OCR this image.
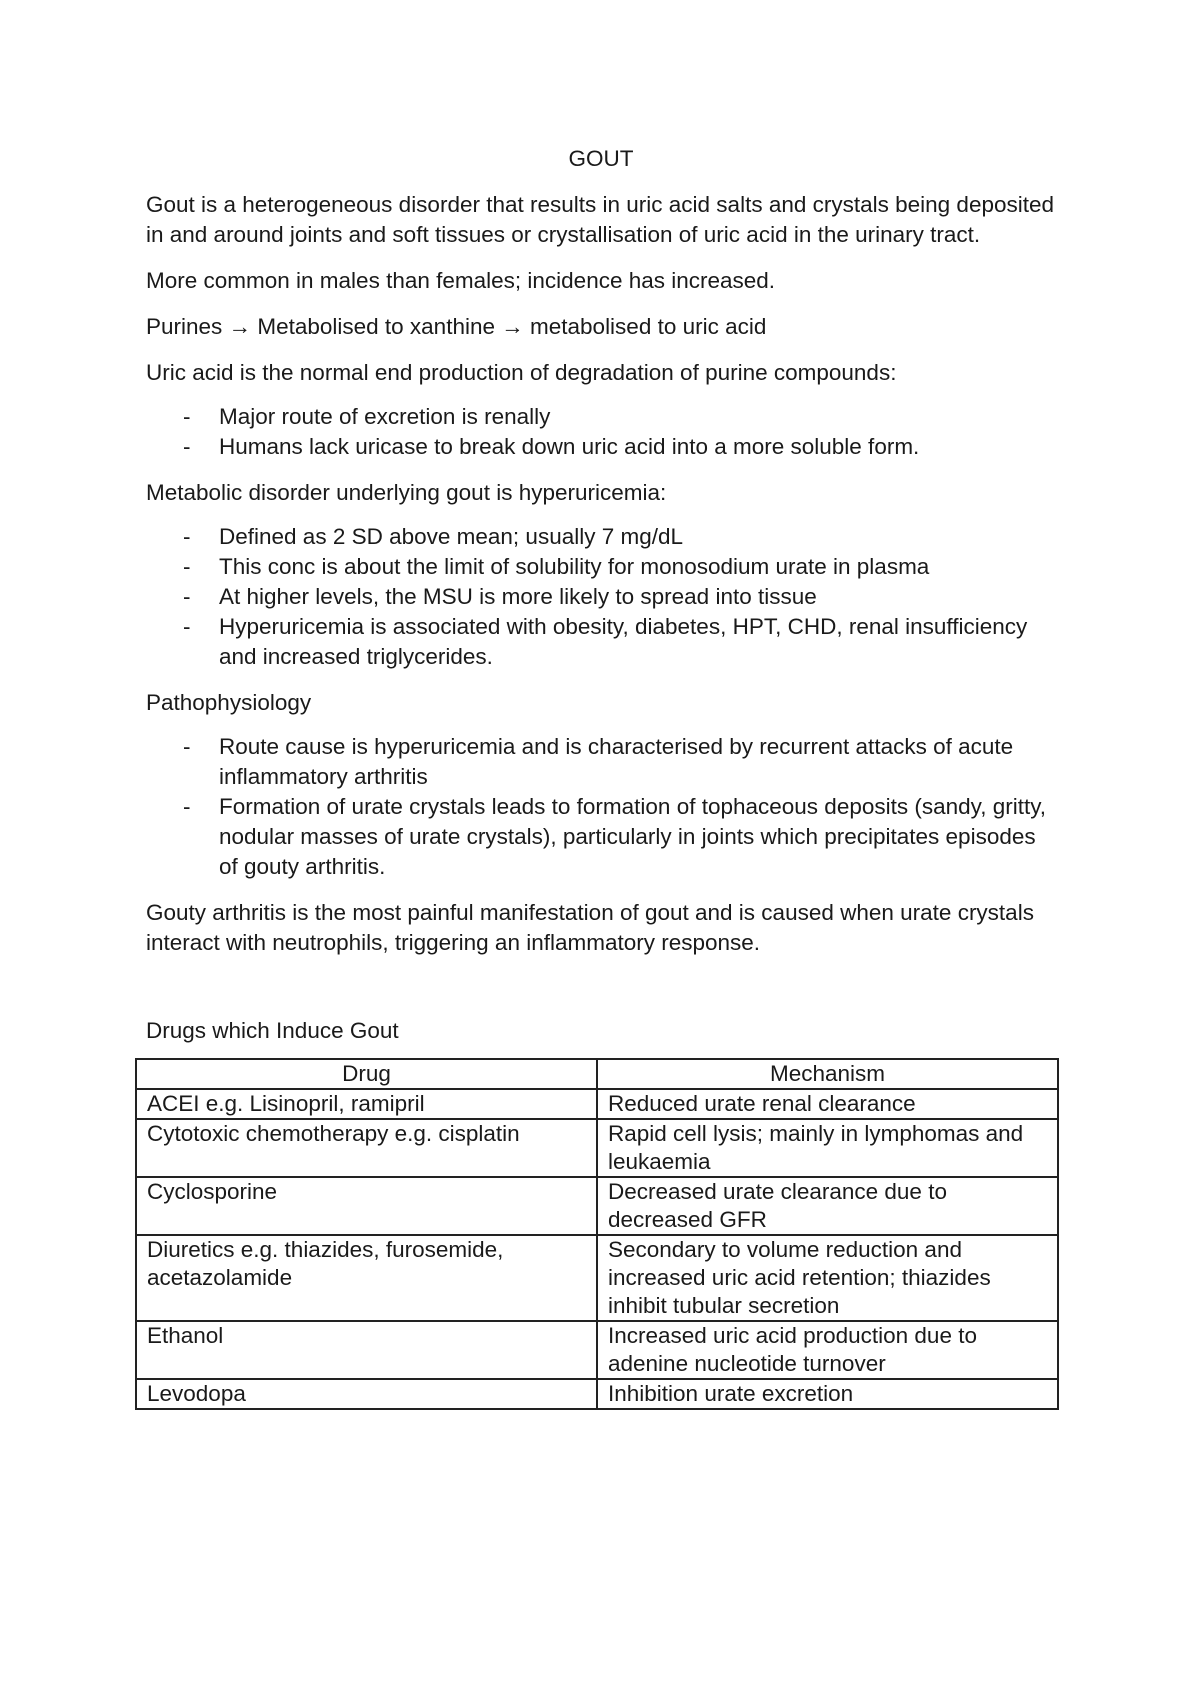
GOUT

Gout is a heterogeneous disorder that results in uric acid salts and crystals being deposited in and around joints and soft tissues or crystallisation of uric acid in the urinary tract.

More common in males than females; incidence has increased.

Purines → Metabolised to xanthine → metabolised to uric acid

Uric acid is the normal end production of degradation of purine compounds:

- Major route of excretion is renally
- Humans lack uricase to break down uric acid into a more soluble form.

Metabolic disorder underlying gout is hyperuricemia:

- Defined as 2 SD above mean; usually 7 mg/dL
- This conc is about the limit of solubility for monosodium urate in plasma
- At higher levels, the MSU is more likely to spread into tissue
- Hyperuricemia is associated with obesity, diabetes, HPT, CHD, renal insufficiency and increased triglycerides.

Pathophysiology

- Route cause is hyperuricemia and is characterised by recurrent attacks of acute inflammatory arthritis
- Formation of urate crystals leads to formation of tophaceous deposits (sandy, gritty, nodular masses of urate crystals), particularly in joints which precipitates episodes of gouty arthritis.

Gouty arthritis is the most painful manifestation of gout and is caused when urate crystals interact with neutrophils, triggering an inflammatory response.

Drugs which Induce Gout

Drug	Mechanism
ACEI e.g. Lisinopril, ramipril	Reduced urate renal clearance
Cytotoxic chemotherapy e.g. cisplatin	Rapid cell lysis; mainly in lymphomas and leukaemia
Cyclosporine	Decreased urate clearance due to decreased GFR
Diuretics e.g. thiazides, furosemide, acetazolamide	Secondary to volume reduction and increased uric acid retention; thiazides inhibit tubular secretion
Ethanol	Increased uric acid production due to adenine nucleotide turnover
Levodopa	Inhibition urate excretion
